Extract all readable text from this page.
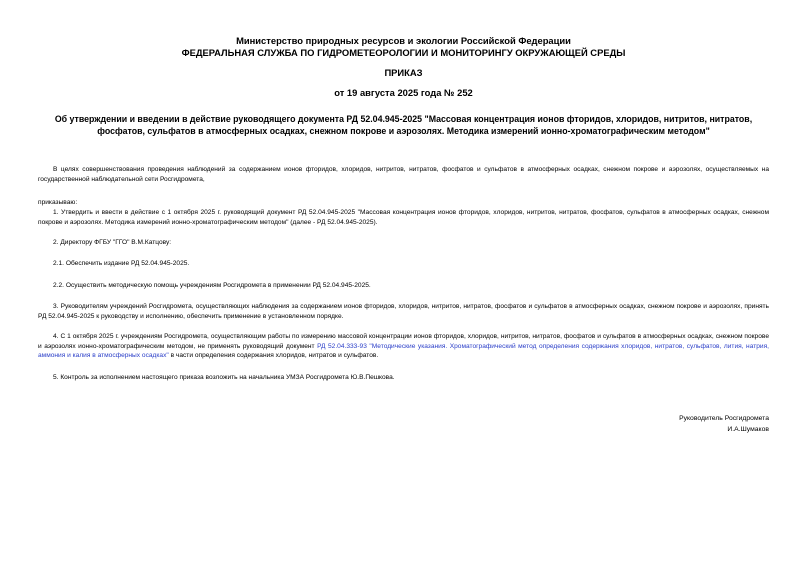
Министерство природных ресурсов и экологии Российской Федерации
ФЕДЕРАЛЬНАЯ СЛУЖБА ПО ГИДРОМЕТЕОРОЛОГИИ И МОНИТОРИНГУ ОКРУЖАЮЩЕЙ СРЕДЫ
ПРИКАЗ
от 19 августа 2025 года № 252
Об утверждении и введении в действие руководящего документа РД 52.04.945-2025 "Массовая концентрация ионов фторидов, хлоридов, нитритов, нитратов, фосфатов, сульфатов в атмосферных осадках, снежном покрове и аэрозолях. Методика измерений ионно-хроматографическим методом"
В целях совершенствования проведения наблюдений за содержанием ионов фторидов, хлоридов, нитритов, нитратов, фосфатов и сульфатов в атмосферных осадках, снежном покрове и аэрозолях, осуществляемых на государственной наблюдательной сети Росгидромета,
приказываю:
1. Утвердить и ввести в действие с 1 октября 2025 г. руководящий документ РД 52.04.945-2025 "Массовая концентрация ионов фторидов, хлоридов, нитритов, нитратов, фосфатов, сульфатов в атмосферных осадках, снежном покрове и аэрозолях. Методика измерений ионно-хроматографическим методом" (далее - РД 52.04.945-2025).
2. Директору ФГБУ "ГГО" В.М.Катцову:
2.1. Обеспечить издание РД 52.04.945-2025.
2.2. Осуществить методическую помощь учреждениям Росгидромета в применении РД 52.04.945-2025.
3. Руководителям учреждений Росгидромета, осуществляющих наблюдения за содержанием ионов фторидов, хлоридов, нитритов, нитратов, фосфатов и сульфатов в атмосферных осадках, снежном покрове и аэрозолях, принять РД 52.04.945-2025 к руководству и исполнению, обеспечить применение в установленном порядке.
4. С 1 октября 2025 г. учреждениям Росгидромета, осуществляющим работы по измерению массовой концентрации ионов фторидов, хлоридов, нитритов, нитратов, фосфатов и сульфатов в атмосферных осадках, снежном покрове и аэрозолях ионно-хроматографическим методом, не применять руководящий документ РД 52.04.333-93 "Методические указания. Хроматографический метод определения содержания хлоридов, нитратов, сульфатов, лития, натрия, аммония и калия в атмосферных осадках" в части определения содержания хлоридов, нитратов и сульфатов.
5. Контроль за исполнением настоящего приказа возложить на начальника УМЗА Росгидромета Ю.В.Пешкова.
Руководитель Росгидромета
И.А.Шумаков
